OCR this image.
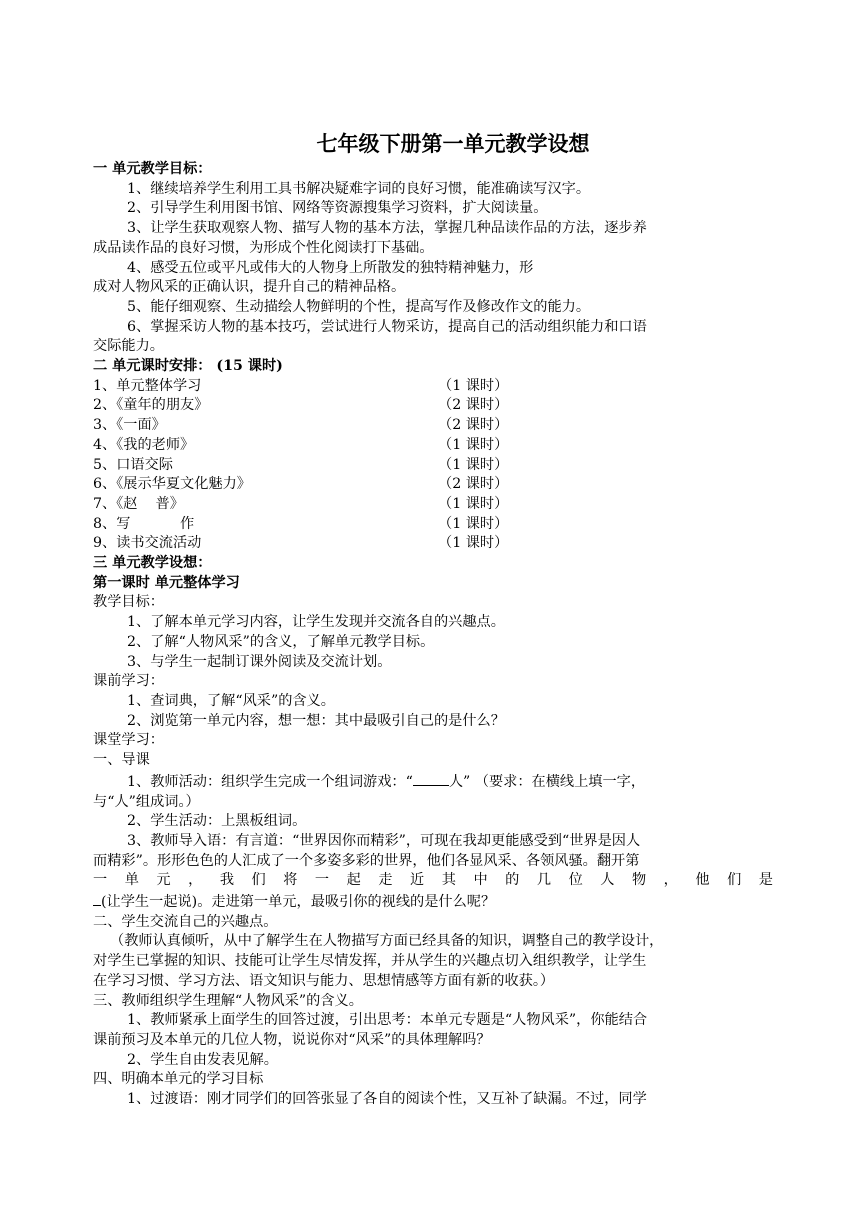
七年级下册第一单元教学设想

一 单元教学目标：

1、继续培养学生利用工具书解决疑难字词的良好习惯，能准确读写汉字。

2、引导学生利用图书馆、网络等资源搜集学习资料，扩大阅读量。

3、让学生获取观察人物、描写人物的基本方法，掌握几种品读作品的方法，逐步养

成品读作品的良好习惯，为形成个性化阅读打下基础。

4、感受五位或平凡或伟大的人物身上所散发的独特精神魅力，形

成对人物风采的正确认识，提升自己的精神品格。

5、能仔细观察、生动描绘人物鲜明的个性，提高写作及修改作文的能力。

6、掌握采访人物的基本技巧，尝试进行人物采访，提高自己的活动组织能力和口语

交际能力。

二 单元课时安排： (15 课时)

1、单元整体学习	（1 课时）
2、《童年的朋友》	（2 课时）
3、《一面》	（2 课时）
4、《我的老师》	（1 课时）
5、口语交际	（1 课时）
6、《展示华夏文化魅力》	（2 课时）
7、《赵    普》	（1 课时）
8、写           作	（1 课时）
9、读书交流活动	（1 课时）

三 单元教学设想：

第一课时 单元整体学习

教学目标：

1、了解本单元学习内容，让学生发现并交流各自的兴趣点。

2、了解“人物风采”的含义，了解单元教学目标。

3、与学生一起制订课外阅读及交流计划。

课前学习：

1、查词典，了解“风采”的含义。

2、浏览第一单元内容，想一想：其中最吸引自己的是什么？

课堂学习：

一、导课

1、教师活动：组织学生完成一个组词游戏：“	人” （要求：在横线上填一字，

与“人”组成词。）

2、学生活动：上黑板组词。

3、教师导入语：有言道：“世界因你而精彩”，可现在我却更能感受到“世界是因人

而精彩”。形形色色的人汇成了一个多姿多彩的世界，他们各显风采、各领风骚。翻开第

一 单 元 ， 我 们 将 一 起 走 近 其 中 的 几 位 人 物 ， 他 们 是

(让学生一起说)。走进第一单元，最吸引你的视线的是什么呢？

二、学生交流自己的兴趣点。

（教师认真倾听，从中了解学生在人物描写方面已经具备的知识，调整自己的教学设计，

对学生已掌握的知识、技能可让学生尽情发挥，并从学生的兴趣点切入组织教学，让学生

在学习习惯、学习方法、语文知识与能力、思想情感等方面有新的收获。）

三、教师组织学生理解“人物风采”的含义。

1、教师紧承上面学生的回答过渡，引出思考：本单元专题是“人物风采”，你能结合

课前预习及本单元的几位人物，说说你对“风采”的具体理解吗？

2、学生自由发表见解。

四、明确本单元的学习目标

1、过渡语：刚才同学们的回答张显了各自的阅读个性，又互补了缺漏。不过，同学
